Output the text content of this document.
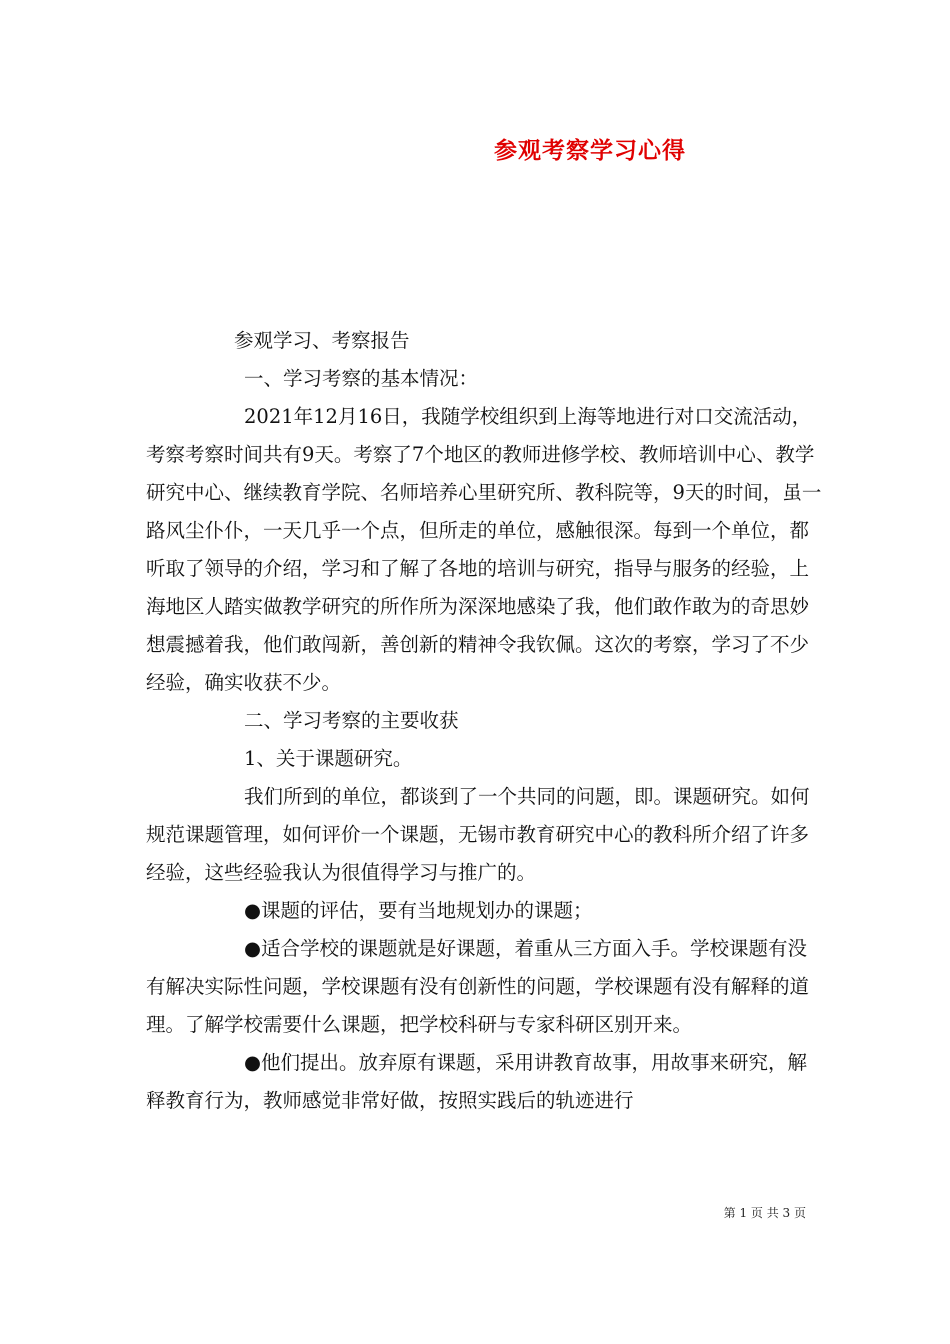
参观考察学习心得

参观学习、考察报告

一、学习考察的基本情况：

2021年12月16日，我随学校组织到上海等地进行对口交流活动，考察考察时间共有9天。考察了7个地区的教师进修学校、教师培训中心、教学研究中心、继续教育学院、名师培养心里研究所、教科院等，9天的时间，虽一路风尘仆仆，一天几乎一个点，但所走的单位，感触很深。每到一个单位，都听取了领导的介绍，学习和了解了各地的培训与研究，指导与服务的经验，上海地区人踏实做教学研究的所作所为深深地感染了我，他们敢作敢为的奇思妙想震撼着我，他们敢闯新，善创新的精神令我钦佩。这次的考察，学习了不少经验，确实收获不少。

二、学习考察的主要收获

1、关于课题研究。

我们所到的单位，都谈到了一个共同的问题，即。课题研究。如何规范课题管理，如何评价一个课题，无锡市教育研究中心的教科所介绍了许多经验，这些经验我认为很值得学习与推广的。

●课题的评估，要有当地规划办的课题；

●适合学校的课题就是好课题，着重从三方面入手。学校课题有没有解决实际性问题，学校课题有没有创新性的问题，学校课题有没有解释的道理。了解学校需要什么课题，把学校科研与专家科研区别开来。

●他们提出。放弃原有课题，采用讲教育故事，用故事来研究，解释教育行为，教师感觉非常好做，按照实践后的轨迹进行

第 1 页 共 3 页
